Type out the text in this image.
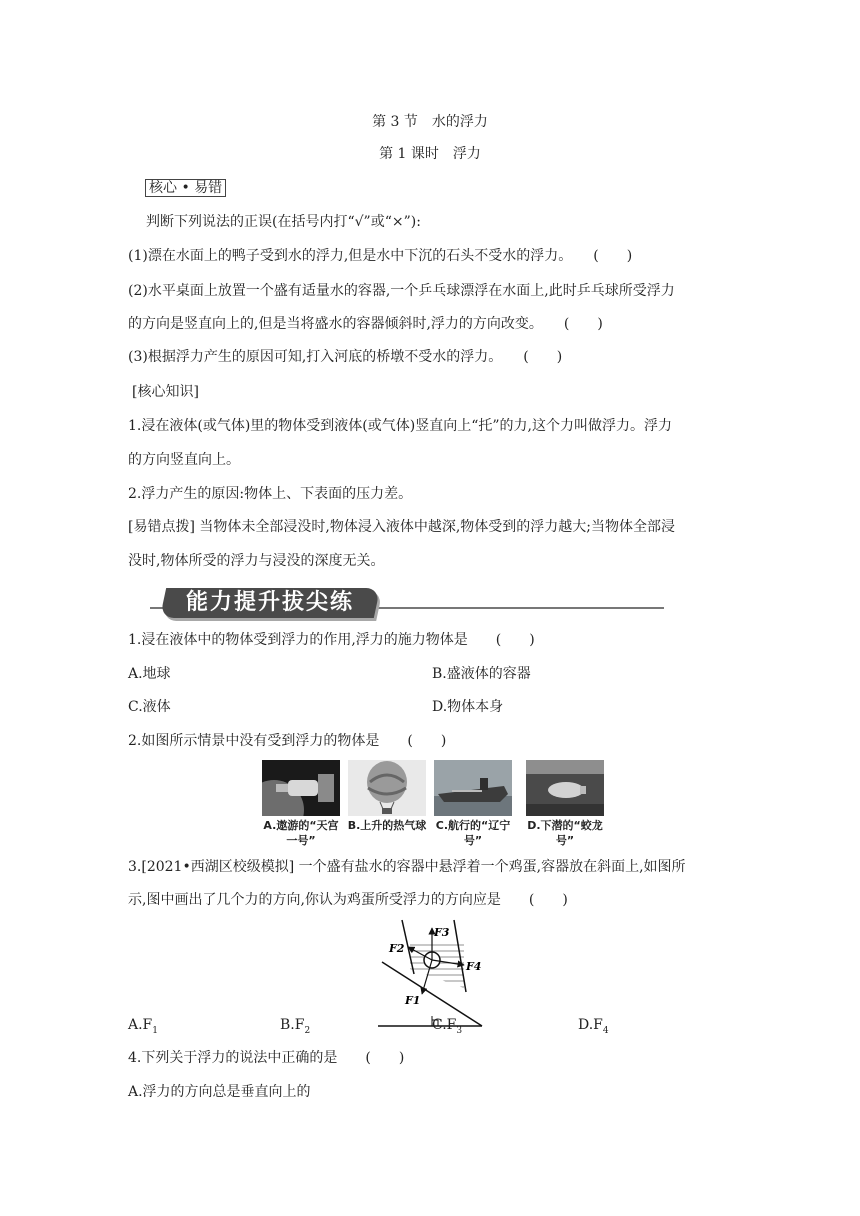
第 3 节　水的浮力
第 1 课时　浮力
核心 • 易错
判断下列说法的正误(在括号内打“√”或“×”):
(1)漂在水面上的鸭子受到水的浮力,但是水中下沉的石头不受水的浮力。　　(　　)
(2)水平桌面上放置一个盛有适量水的容器,一个乒乓球漂浮在水面上,此时乒乓球所受浮力
的方向是竖直向上的,但是当将盛水的容器倾斜时,浮力的方向改变。　　(　　)
(3)根据浮力产生的原因可知,打入河底的桥墩不受水的浮力。　　(　　)
[核心知识]
1.浸在液体(或气体)里的物体受到液体(或气体)竖直向上“托”的力,这个力叫做浮力。浮力
的方向竖直向上。
2.浮力产生的原因:物体上、下表面的压力差。
[易错点拨] 当物体未全部浸没时,物体浸入液体中越深,物体受到的浮力越大;当物体全部浸
没时,物体所受的浮力与浸没的深度无关。
能力提升拔尖练
1.浸在液体中的物体受到浮力的作用,浮力的施力物体是　　(　　)
A.地球	B.盛液体的容器
C.液体	D.物体本身
2.如图所示情景中没有受到浮力的物体是　　(　　)
A.遨游的“天宫一号”
B.上升的热气球 C.航行的“辽宁号”
D.下潜的“蛟龙号”
3.[2021•西湖区校级模拟] 一个盛有盐水的容器中悬浮着一个鸡蛋,容器放在斜面上,如图所
示,图中画出了几个力的方向,你认为鸡蛋所受浮力的方向应是　　(　　)
F2
F3
F4
F1
$A.F_1$	$B.F_2$	$C.F_3$	$D.F_4$
4.下列关于浮力的说法中正确的是　　(　　)
A.浮力的方向总是垂直向上的
